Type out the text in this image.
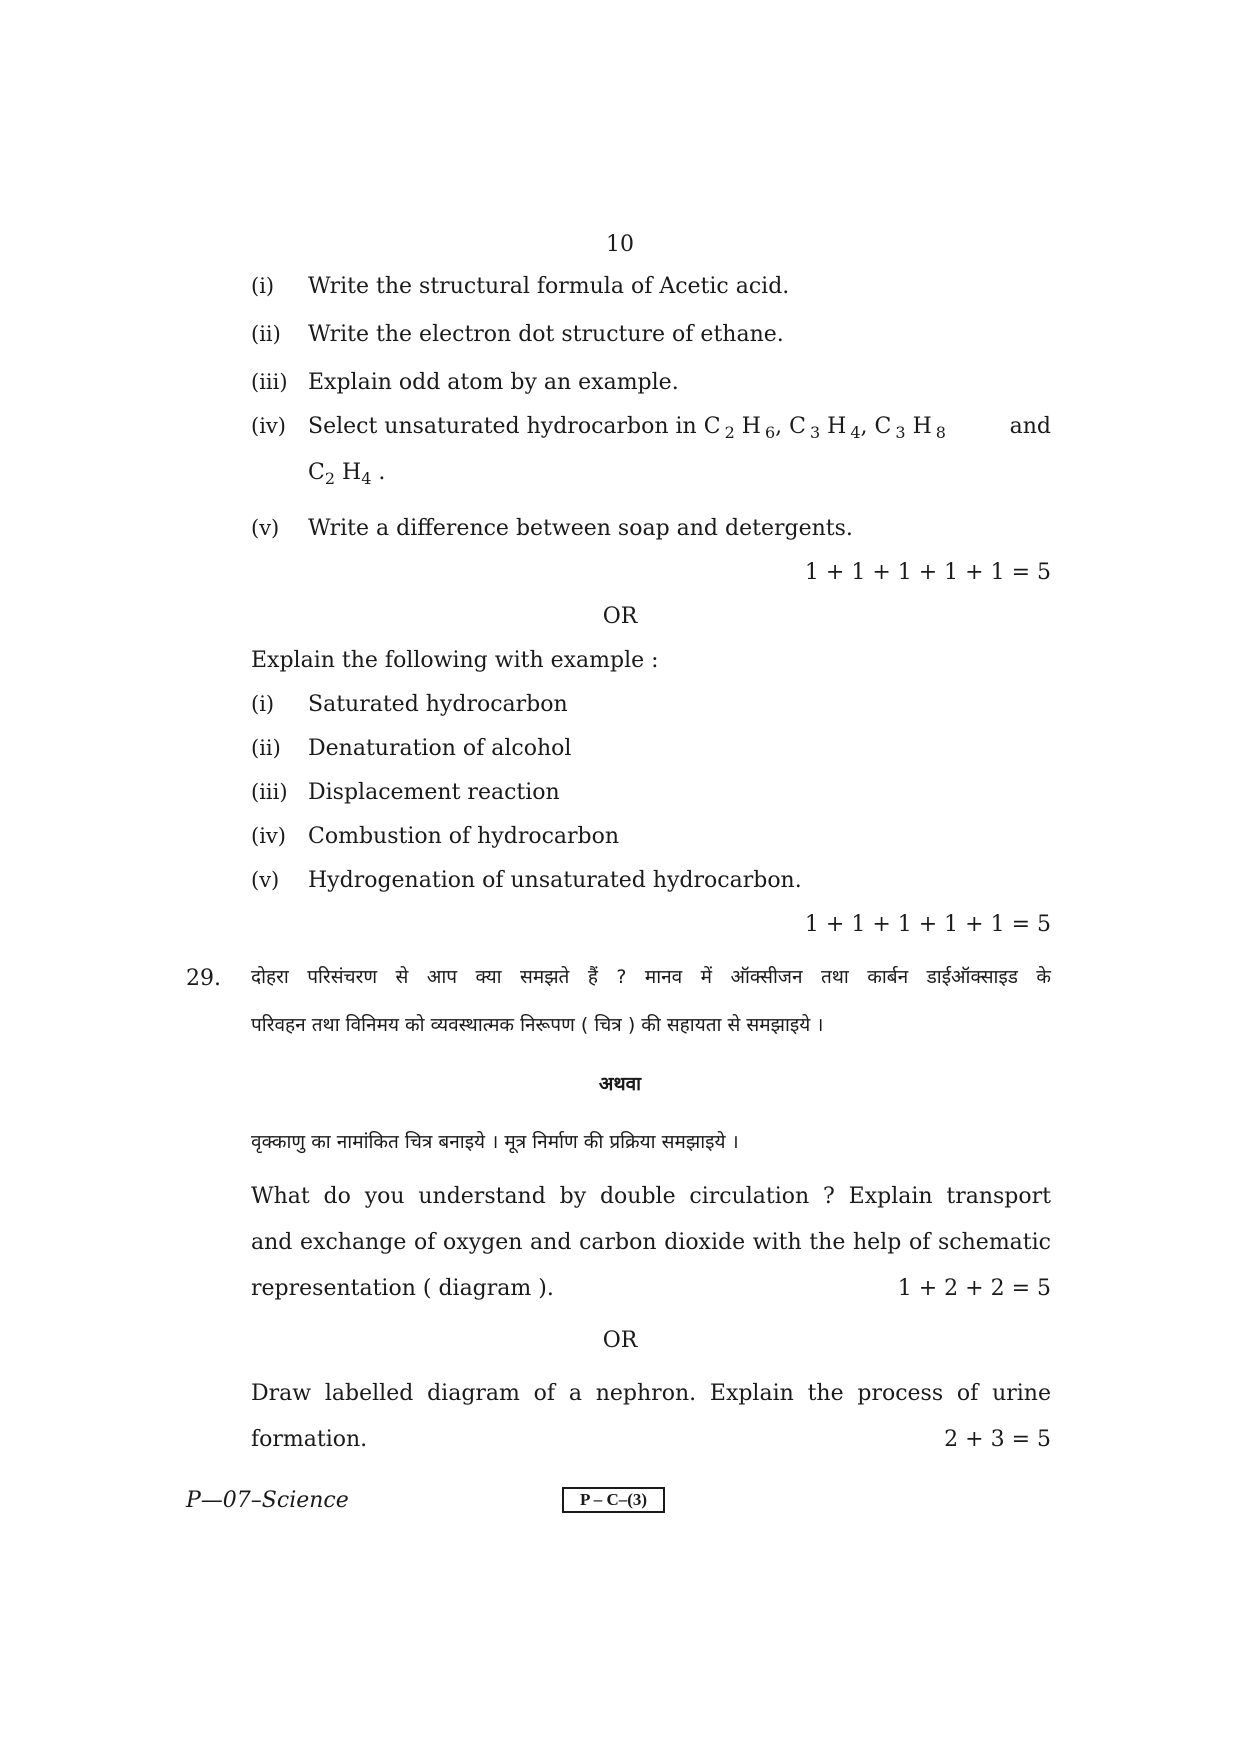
10
(i)	Write the structural formula of Acetic acid.
(ii)	Write the electron dot structure of ethane.
(iii) Explain odd atom by an example.
(iv)	Select unsaturated hydrocarbon in C $_2$ H $_6$, C $_3$ H $_4$, C $_3$ H $_8$	and
$C_2$ $H_4$ .
(v)	Write a difference between soap and detergents.
1 + 1 + 1 + 1 + 1 = 5
OR
Explain the following with example :
(i)	Saturated hydrocarbon
(ii)	Denaturation of alcohol
(iii) Displacement reaction
(iv)	Combustion of hydrocarbon
(v)	Hydrogenation of unsaturated hydrocarbon.
1 + 1 + 1 + 1 + 1 = 5
29. दोहरा परिसंचरण से आप क्या समझते हैं ? मानव में ऑक्सीजन तथा कार्बन डाईऑक्साइड के
परिवहन तथा विनिमय को व्यवस्थात्मक निरूपण ( चित्र ) की सहायता से समझाइये ।
अथवा
वृक्काणु का नामांकित चित्र बनाइये । मूत्र निर्माण की प्रक्रिया समझाइये ।
What do you understand by double circulation ? Explain transport
and exchange of oxygen and carbon dioxide with the help of schematic
representation ( diagram ).	1 + 2 + 2 = 5
OR
Draw labelled diagram of a nephron. Explain the process of urine
formation.	2 + 3 = 5
P—07–Science	P – C–(3)
